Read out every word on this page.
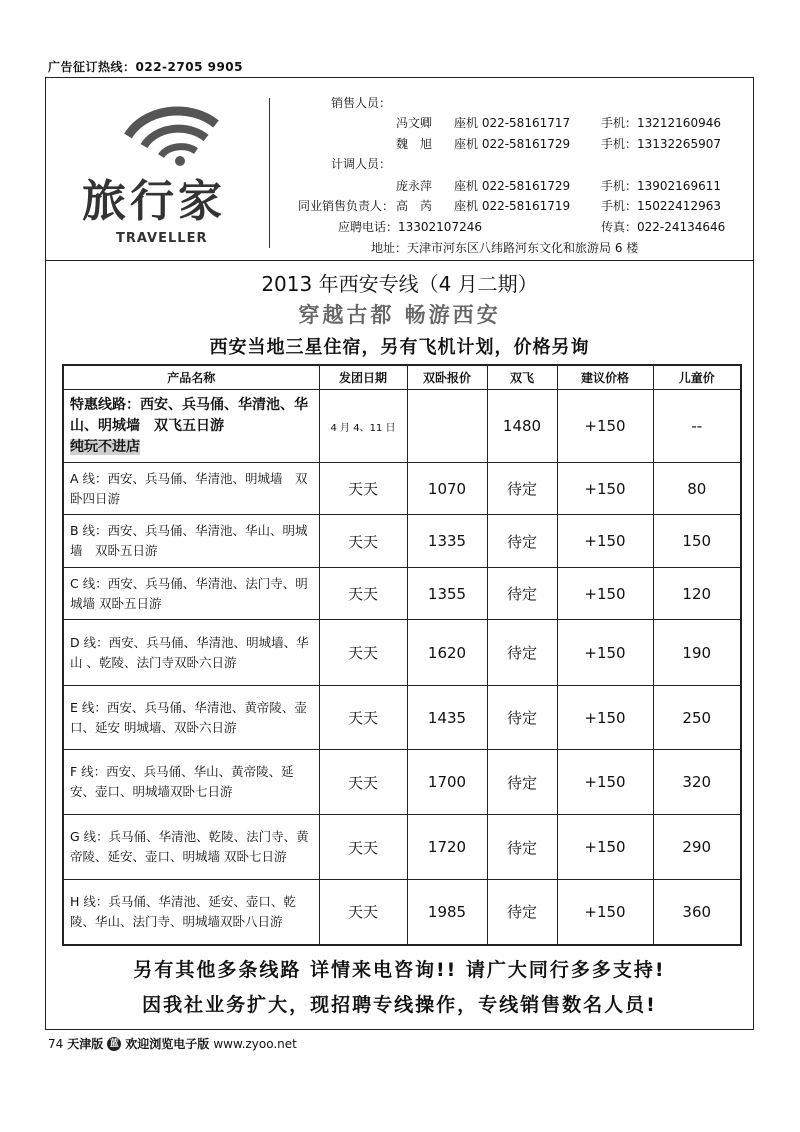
广告征订热线：022-2705 9905
旅行家
TRAVELLER
销售人员：
冯文卿 座机 022-58161717	手机：13212160946
魏　旭 座机 022-58161729	手机：13132265907
计调人员：
庞永萍 座机 022-58161729	手机：13902169611
同业销售负责人： 高　芮 座机 022-58161719	手机：15022412963
应聘电话：13302107246	传真：022-24134646
地址：天津市河东区八纬路河东文化和旅游局 6 楼
2013 年西安专线（4 月二期）
穿越古都 畅游西安
西安当地三星住宿，另有飞机计划，价格另询
产品名称	发团日期	双卧报价	双飞	建议价格	儿童价
特惠线路：西安、兵马俑、华清池、华山、明城墙　双飞五日游
纯玩不进店	4 月 4、11 日		1480	+150	--
A 线：西安、兵马俑、华清池、明城墙　双卧四日游	天天	1070	待定	+150	80
B 线：西安、兵马俑、华清池、华山、明城墙　双卧五日游	天天	1335	待定	+150	150
C 线：西安、兵马俑、华清池、法门寺、明城墙 双卧五日游	天天	1355	待定	+150	120
D 线：西安、兵马俑、华清池、明城墙、华山 、乾陵、法门寺双卧六日游	天天	1620	待定	+150	190
E 线：西安、兵马俑、华清池、黄帝陵、壶口、延安 明城墙、双卧六日游	天天	1435	待定	+150	250
F 线：西安、兵马俑、华山、黄帝陵、延安、壶口、明城墙双卧七日游	天天	1700	待定	+150	320
G 线：兵马俑、华清池、乾陵、法门寺、黄帝陵、延安、壶口、明城墙 双卧七日游	天天	1720	待定	+150	290
H 线：兵马俑、华清池、延安、壶口、乾陵、华山、法门寺、明城墙双卧八日游	天天	1985	待定	+150	360
另有其他多条线路 详情来电咨询!! 请广大同行多多支持!
因我社业务扩大，现招聘专线操作，专线销售数名人员!
74 天津版 蓝 欢迎浏览电子版 www.zyoo.net
